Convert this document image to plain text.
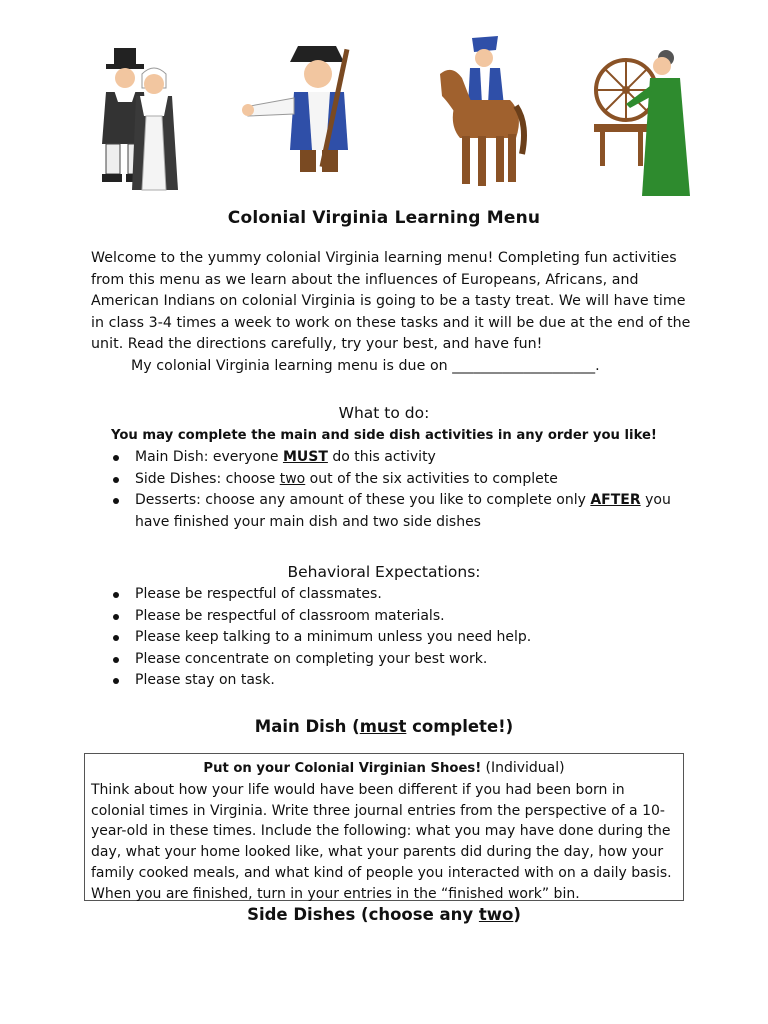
Colonial Virginia Learning Menu

Welcome to the yummy colonial Virginia learning menu! Completing fun activities from this menu as we learn about the influences of Europeans, Africans, and American Indians on colonial Virginia is going to be a tasty treat. We will have time in class 3-4 times a week to work on these tasks and it will be due at the end of the unit. Read the directions carefully, try your best, and have fun!

My colonial Virginia learning menu is due on ____________________.

What to do:
You may complete the main and side dish activities in any order you like!
Main Dish: everyone MUST do this activity
Side Dishes: choose two out of the six activities to complete
Desserts: choose any amount of these you like to complete only AFTER you have finished your main dish and two side dishes
Behavioral Expectations:
Please be respectful of classmates.
Please be respectful of classroom materials.
Please keep talking to a minimum unless you need help.
Please concentrate on completing your best work.
Please stay on task.
Main Dish (must complete!)
Put on your Colonial Virginian Shoes! (Individual)
Think about how your life would have been different if you had been born in colonial times in Virginia. Write three journal entries from the perspective of a 10-year-old in these times. Include the following: what you may have done during the day, what your home looked like, what your parents did during the day, how your family cooked meals, and what kind of people you interacted with on a daily basis. When you are finished, turn in your entries in the “finished work” bin.
Side Dishes (choose any two)
